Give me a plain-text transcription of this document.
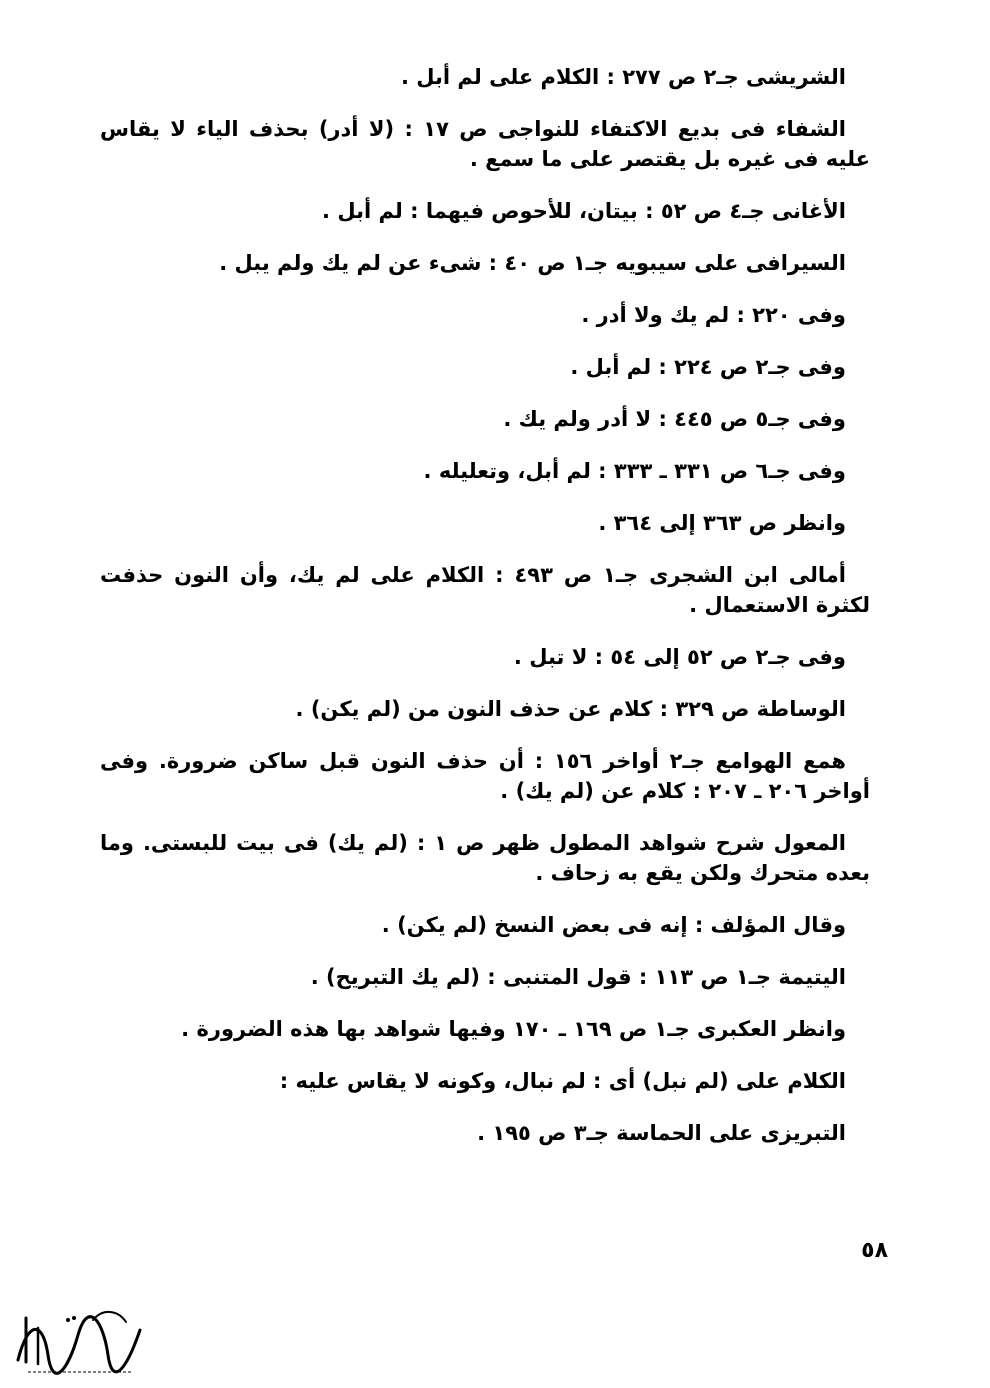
الشريشى جـ٢ ص ٢٧٧ : الكلام على لم أبل .

الشفاء فى بديع الاكتفاء للنواجى ص ١٧ : (لا أدر) بحذف الياء لا يقاس عليه فى غيره بل يقتصر على ما سمع .

الأغانى جـ٤ ص ٥٢ : بيتان، للأحوص فيهما : لم أبل .

السيرافى على سيبويه جـ١ ص ٤٠ : شىء عن لم يك ولم يبل .

وفى ٢٢٠ : لم يك ولا أدر .

وفى جـ٢ ص ٢٢٤ : لم أبل .

وفى جـ٥ ص ٤٤٥ : لا أدر ولم يك .

وفى جـ٦ ص ٣٣١ ـ ٣٣٣ : لم أبل، وتعليله .

وانظر ص ٣٦٣ إلى ٣٦٤ .

أمالى ابن الشجرى جـ١ ص ٤٩٣ : الكلام على لم يك، وأن النون حذفت لكثرة الاستعمال .

وفى جـ٢ ص ٥٢ إلى ٥٤ : لا تبل .

الوساطة ص ٣٢٩ : كلام عن حذف النون من (لم يكن) .

همع الهوامع جـ٢ أواخر ١٥٦ : أن حذف النون قبل ساكن ضرورة. وفى أواخر ٢٠٦ ـ ٢٠٧ : كلام عن (لم يك) .

المعول شرح شواهد المطول ظهر ص ١ : (لم يك) فى بيت للبستى. وما بعده متحرك ولكن يقع به زحاف .

وقال المؤلف : إنه فى بعض النسخ (لم يكن) .

اليتيمة جـ١ ص ١١٣ : قول المتنبى : (لم يك التبريح) .

وانظر العكبرى جـ١ ص ١٦٩ ـ ١٧٠ وفيها شواهد بها هذه الضرورة .

الكلام على (لم نبل) أى : لم نبال، وكونه لا يقاس عليه :

التبريزى على الحماسة جـ٣ ص ١٩٥ .

٥٨
